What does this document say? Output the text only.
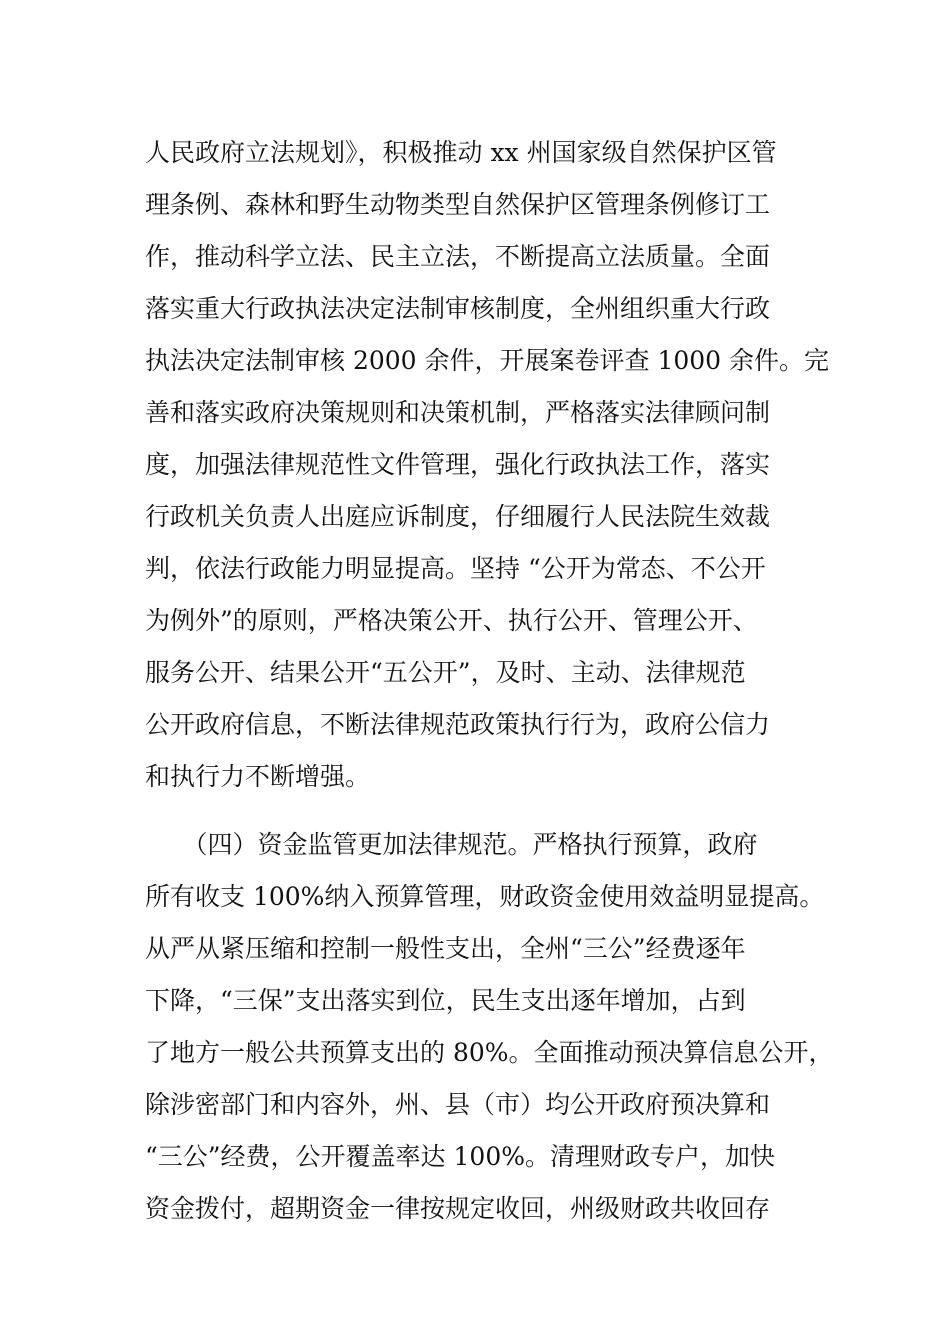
人民政府立法规划》，积极推动 xx 州国家级自然保护区管
理条例、森林和野生动物类型自然保护区管理条例修订工
作，推动科学立法、民主立法，不断提高立法质量。全面
落实重大行政执法决定法制审核制度，全州组织重大行政
执法决定法制审核 2000 余件，开展案卷评查 1000 余件。完
善和落实政府决策规则和决策机制，严格落实法律顾问制
度，加强法律规范性文件管理，强化行政执法工作，落实
行政机关负责人出庭应诉制度，仔细履行人民法院生效裁
判，依法行政能力明显提高。坚持 “公开为常态、不公开
为例外”的原则，严格决策公开、执行公开、管理公开、
服务公开、结果公开“五公开”，及时、主动、法律规范
公开政府信息，不断法律规范政策执行行为，政府公信力
和执行力不断增强。
　　（四）资金监管更加法律规范。严格执行预算，政府
所有收支 100%纳入预算管理，财政资金使用效益明显提高。
从严从紧压缩和控制一般性支出，全州“三公”经费逐年
下降，“三保”支出落实到位，民生支出逐年增加，占到
了地方一般公共预算支出的 80%。全面推动预决算信息公开，
除涉密部门和内容外，州、县（市）均公开政府预决算和
“三公”经费，公开覆盖率达 100%。清理财政专户，加快
资金拨付，超期资金一律按规定收回，州级财政共收回存
